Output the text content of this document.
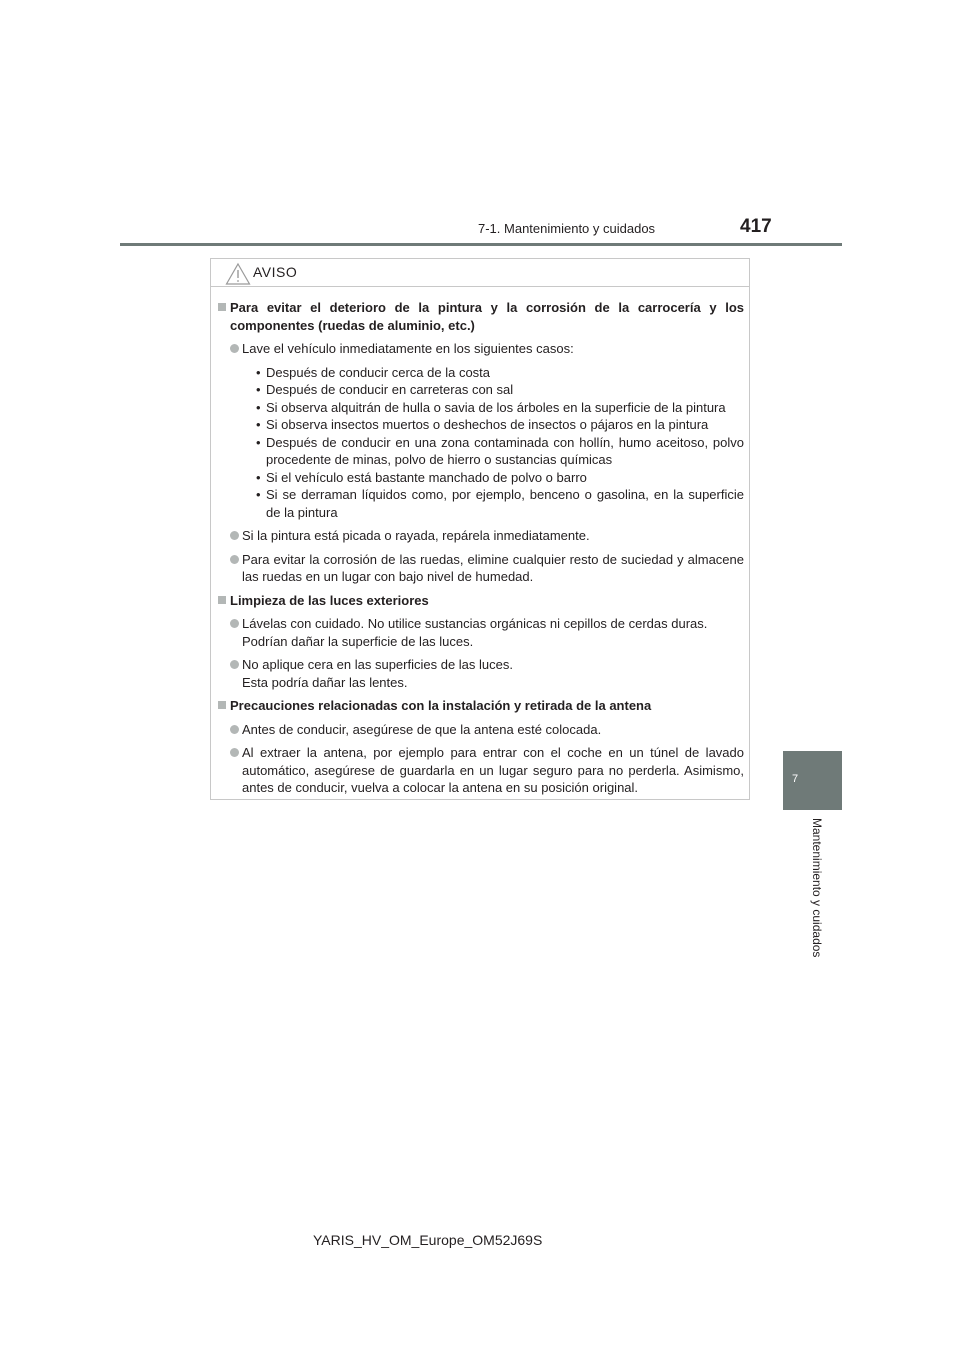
7-1. Mantenimiento y cuidados	417
7
Mantenimiento y cuidados
AVISO
Para evitar el deterioro de la pintura y la corrosión de la carrocería y los componentes (ruedas de aluminio, etc.)
Lave el vehículo inmediatamente en los siguientes casos:
• Después de conducir cerca de la costa
• Después de conducir en carreteras con sal
• Si observa alquitrán de hulla o savia de los árboles en la superficie de la pintura
• Si observa insectos muertos o deshechos de insectos o pájaros en la pintura
• Después de conducir en una zona contaminada con hollín, humo aceitoso, polvo procedente de minas, polvo de hierro o sustancias químicas
• Si el vehículo está bastante manchado de polvo o barro
• Si se derraman líquidos como, por ejemplo, benceno o gasolina, en la superficie de la pintura
Si la pintura está picada o rayada, repárela inmediatamente.
Para evitar la corrosión de las ruedas, elimine cualquier resto de suciedad y almacene las ruedas en un lugar con bajo nivel de humedad.
Limpieza de las luces exteriores
Lávelas con cuidado. No utilice sustancias orgánicas ni cepillos de cerdas duras.
Podrían dañar la superficie de las luces.
No aplique cera en las superficies de las luces.
Esta podría dañar las lentes.
Precauciones relacionadas con la instalación y retirada de la antena
Antes de conducir, asegúrese de que la antena esté colocada.
Al extraer la antena, por ejemplo para entrar con el coche en un túnel de lavado automático, asegúrese de guardarla en un lugar seguro para no perderla. Asimismo, antes de conducir, vuelva a colocar la antena en su posición original.
YARIS_HV_OM_Europe_OM52J69S
